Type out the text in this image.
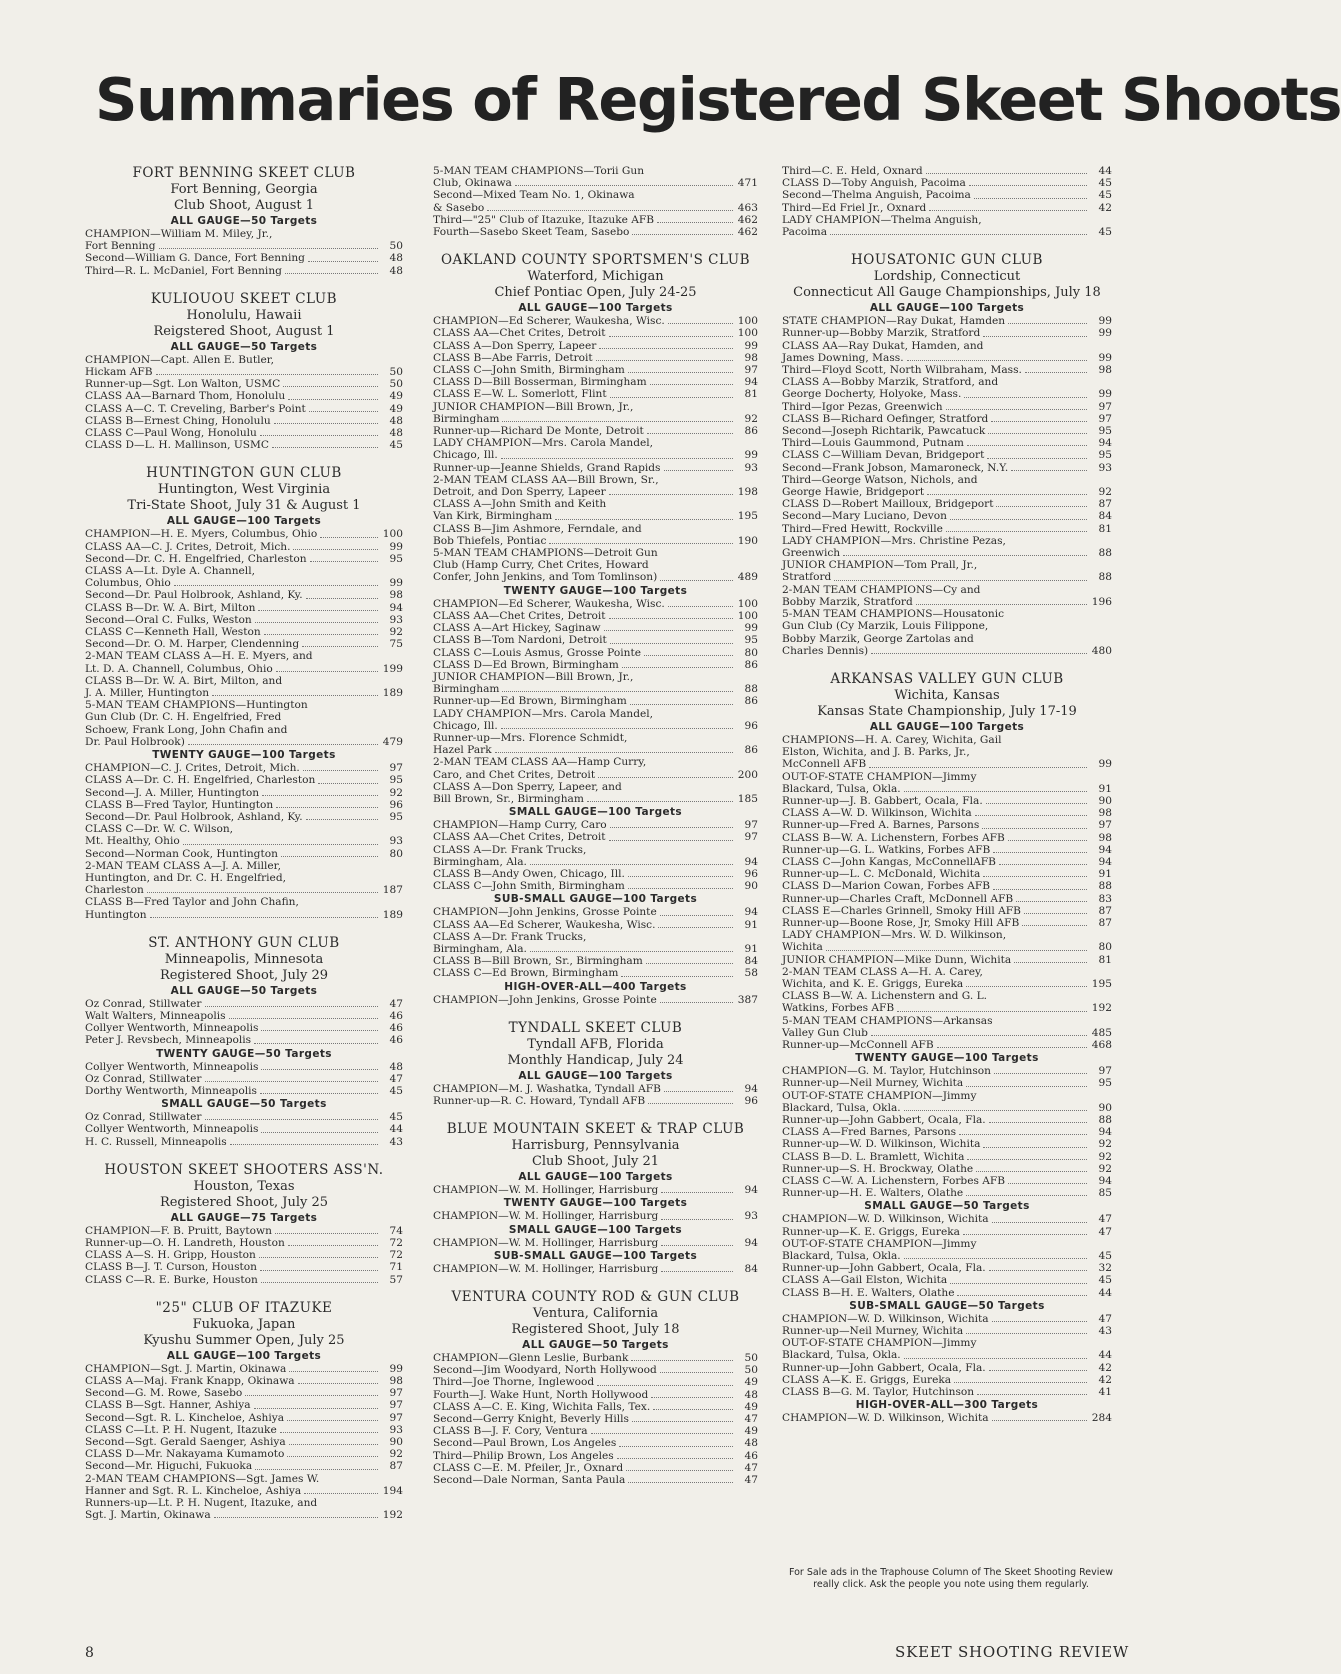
Summaries of Registered Skeet Shoots
FORT BENNING SKEET CLUB
Fort Benning, Georgia
Club Shoot, August 1
ALL GAUGE—50 Targets
CHAMPION—William M. Miley, Jr.,
Fort Benning	50
Second—William G. Dance, Fort Benning	48
Third—R. L. McDaniel, Fort Benning	48
KULIOUOU SKEET CLUB
Honolulu, Hawaii
Reigstered Shoot, August 1
ALL GAUGE—50 Targets
CHAMPION—Capt. Allen E. Butler,
Hickam AFB	50
Runner-up—Sgt. Lon Walton, USMC	50
CLASS AA—Barnard Thom, Honolulu	49
CLASS A—C. T. Creveling, Barber's Point	49
CLASS B—Ernest Ching, Honolulu	48
CLASS C—Paul Wong, Honolulu	48
CLASS D—L. H. Mallinson, USMC	45
HUNTINGTON GUN CLUB
Huntington, West Virginia
Tri-State Shoot, July 31 & August 1
ALL GAUGE—100 Targets
CHAMPION—H. E. Myers, Columbus, Ohio	100
CLASS AA—C. J. Crites, Detroit, Mich.	99
Second—Dr. C. H. Engelfried, Charleston	95
CLASS A—Lt. Dyle A. Channell,
Columbus, Ohio	99
Second—Dr. Paul Holbrook, Ashland, Ky.	98
CLASS B—Dr. W. A. Birt, Milton	94
Second—Oral C. Fulks, Weston	93
CLASS C—Kenneth Hall, Weston	92
Second—Dr. O. M. Harper, Clendenning	75
2-MAN TEAM CLASS A—H. E. Myers, and
Lt. D. A. Channell, Columbus, Ohio	199
CLASS B—Dr. W. A. Birt, Milton, and
J. A. Miller, Huntington	189
5-MAN TEAM CHAMPIONS—Huntington
Gun Club (Dr. C. H. Engelfried, Fred
Schoew, Frank Long, John Chafin and
Dr. Paul Holbrook)	479
TWENTY GAUGE—100 Targets
CHAMPION—C. J. Crites, Detroit, Mich.	97
CLASS A—Dr. C. H. Engelfried, Charleston	95
Second—J. A. Miller, Huntington	92
CLASS B—Fred Taylor, Huntington	96
Second—Dr. Paul Holbrook, Ashland, Ky.	95
CLASS C—Dr. W. C. Wilson,
Mt. Healthy, Ohio	93
Second—Norman Cook, Huntington	80
2-MAN TEAM CLASS A—J. A. Miller,
Huntington, and Dr. C. H. Engelfried,
Charleston	187
CLASS B—Fred Taylor and John Chafin,
Huntington	189
ST. ANTHONY GUN CLUB
Minneapolis, Minnesota
Registered Shoot, July 29
ALL GAUGE—50 Targets
Oz Conrad, Stillwater	47
Walt Walters, Minneapolis	46
Collyer Wentworth, Minneapolis	46
Peter J. Revsbech, Minneapolis	46
TWENTY GAUGE—50 Targets
Collyer Wentworth, Minneapolis	48
Oz Conrad, Stillwater	47
Dorthy Wentworth, Minneapolis	45
SMALL GAUGE—50 Targets
Oz Conrad, Stillwater	45
Collyer Wentworth, Minneapolis	44
H. C. Russell, Minneapolis	43
HOUSTON SKEET SHOOTERS ASS'N.
Houston, Texas
Registered Shoot, July 25
ALL GAUGE—75 Targets
CHAMPION—F. B. Pruitt, Baytown	74
Runner-up—O. H. Landreth, Houston	72
CLASS A—S. H. Gripp, Houston	72
CLASS B—J. T. Curson, Houston	71
CLASS C—R. E. Burke, Houston	57
"25" CLUB OF ITAZUKE
Fukuoka, Japan
Kyushu Summer Open, July 25
ALL GAUGE—100 Targets
CHAMPION—Sgt. J. Martin, Okinawa	99
CLASS A—Maj. Frank Knapp, Okinawa	98
Second—G. M. Rowe, Sasebo	97
CLASS B—Sgt. Hanner, Ashiya	97
Second—Sgt. R. L. Kincheloe, Ashiya	97
CLASS C—Lt. P. H. Nugent, Itazuke	93
Second—Sgt. Gerald Saenger, Ashiya	90
CLASS D—Mr. Nakayama Kumamoto	92
Second—Mr. Higuchi, Fukuoka	87
2-MAN TEAM CHAMPIONS—Sgt. James W.
Hanner and Sgt. R. L. Kincheloe, Ashiya	194
Runners-up—Lt. P. H. Nugent, Itazuke, and
Sgt. J. Martin, Okinawa	192
5-MAN TEAM CHAMPIONS—Torii Gun
Club, Okinawa	471
Second—Mixed Team No. 1, Okinawa
& Sasebo	463
Third—"25" Club of Itazuke, Itazuke AFB	462
Fourth—Sasebo Skeet Team, Sasebo	462
OAKLAND COUNTY SPORTSMEN'S CLUB
Waterford, Michigan
Chief Pontiac Open, July 24-25
ALL GAUGE—100 Targets
CHAMPION—Ed Scherer, Waukesha, Wisc.	100
CLASS AA—Chet Crites, Detroit	100
CLASS A—Don Sperry, Lapeer	99
CLASS B—Abe Farris, Detroit	98
CLASS C—John Smith, Birmingham	97
CLASS D—Bill Bosserman, Birmingham	94
CLASS E—W. L. Somerlott, Flint	81
JUNIOR CHAMPION—Bill Brown, Jr.,
Birmingham	92
Runner-up—Richard De Monte, Detroit	86
LADY CHAMPION—Mrs. Carola Mandel,
Chicago, Ill.	99
Runner-up—Jeanne Shields, Grand Rapids	93
2-MAN TEAM CLASS AA—Bill Brown, Sr.,
Detroit, and Don Sperry, Lapeer	198
CLASS A—John Smith and Keith
Van Kirk, Birmingham	195
CLASS B—Jim Ashmore, Ferndale, and
Bob Thiefels, Pontiac	190
5-MAN TEAM CHAMPIONS—Detroit Gun
Club (Hamp Curry, Chet Crites, Howard
Confer, John Jenkins, and Tom Tomlinson)	489
TWENTY GAUGE—100 Targets
CHAMPION—Ed Scherer, Waukesha, Wisc.	100
CLASS AA—Chet Crites, Detroit	100
CLASS A—Art Hickey, Saginaw	99
CLASS B—Tom Nardoni, Detroit	95
CLASS C—Louis Asmus, Grosse Pointe	80
CLASS D—Ed Brown, Birmingham	86
JUNIOR CHAMPION—Bill Brown, Jr.,
Birmingham	88
Runner-up—Ed Brown, Birmingham	86
LADY CHAMPION—Mrs. Carola Mandel,
Chicago, Ill.	96
Runner-up—Mrs. Florence Schmidt,
Hazel Park	86
2-MAN TEAM CLASS AA—Hamp Curry,
Caro, and Chet Crites, Detroit	200
CLASS A—Don Sperry, Lapeer, and
Bill Brown, Sr., Birmingham	185
SMALL GAUGE—100 Targets
CHAMPION—Hamp Curry, Caro	97
CLASS AA—Chet Crites, Detroit	97
CLASS A—Dr. Frank Trucks,
Birmingham, Ala.	94
CLASS B—Andy Owen, Chicago, Ill.	96
CLASS C—John Smith, Birmingham	90
SUB-SMALL GAUGE—100 Targets
CHAMPION—John Jenkins, Grosse Pointe	94
CLASS AA—Ed Scherer, Waukesha, Wisc.	91
CLASS A—Dr. Frank Trucks,
Birmingham, Ala.	91
CLASS B—Bill Brown, Sr., Birmingham	84
CLASS C—Ed Brown, Birmingham	58
HIGH-OVER-ALL—400 Targets
CHAMPION—John Jenkins, Grosse Pointe	387
TYNDALL SKEET CLUB
Tyndall AFB, Florida
Monthly Handicap, July 24
ALL GAUGE—100 Targets
CHAMPION—M. J. Washatka, Tyndall AFB	94
Runner-up—R. C. Howard, Tyndall AFB	96
BLUE MOUNTAIN SKEET & TRAP CLUB
Harrisburg, Pennsylvania
Club Shoot, July 21
ALL GAUGE—100 Targets
CHAMPION—W. M. Hollinger, Harrisburg	94
TWENTY GAUGE—100 Targets
CHAMPION—W. M. Hollinger, Harrisburg	93
SMALL GAUGE—100 Targets
CHAMPION—W. M. Hollinger, Harrisburg	94
SUB-SMALL GAUGE—100 Targets
CHAMPION—W. M. Hollinger, Harrisburg	84
VENTURA COUNTY ROD & GUN CLUB
Ventura, California
Registered Shoot, July 18
ALL GAUGE—50 Targets
CHAMPION—Glenn Leslie, Burbank	50
Second—Jim Woodyard, North Hollywood	50
Third—Joe Thorne, Inglewood	49
Fourth—J. Wake Hunt, North Hollywood	48
CLASS A—C. E. King, Wichita Falls, Tex.	49
Second—Gerry Knight, Beverly Hills	47
CLASS B—J. F. Cory, Ventura	49
Second—Paul Brown, Los Angeles	48
Third—Philip Brown, Los Angeles	46
CLASS C—E. M. Pfeiler, Jr., Oxnard	47
Second—Dale Norman, Santa Paula	47
Third—C. E. Held, Oxnard	44
CLASS D—Toby Anguish, Pacoima	45
Second—Thelma Anguish, Pacoima	45
Third—Ed Friel Jr., Oxnard	42
LADY CHAMPION—Thelma Anguish,
Pacoima	45
HOUSATONIC GUN CLUB
Lordship, Connecticut
Connecticut All Gauge Championships, July 18
ALL GAUGE—100 Targets
STATE CHAMPION—Ray Dukat, Hamden	99
Runner-up—Bobby Marzik, Stratford	99
CLASS AA—Ray Dukat, Hamden, and
James Downing, Mass.	99
Third—Floyd Scott, North Wilbraham, Mass.	98
CLASS A—Bobby Marzik, Stratford, and
George Docherty, Holyoke, Mass.	99
Third—Igor Pezas, Greenwich	97
CLASS B—Richard Oefinger, Stratford	97
Second—Joseph Richtarik, Pawcatuck	95
Third—Louis Gaummond, Putnam	94
CLASS C—William Devan, Bridgeport	95
Second—Frank Jobson, Mamaroneck, N.Y.	93
Third—George Watson, Nichols, and
George Hawie, Bridgeport	92
CLASS D—Robert Mailloux, Bridgeport	87
Second—Mary Luciano, Devon	84
Third—Fred Hewitt, Rockville	81
LADY CHAMPION—Mrs. Christine Pezas,
Greenwich	88
JUNIOR CHAMPION—Tom Prall, Jr.,
Stratford	88
2-MAN TEAM CHAMPIONS—Cy and
Bobby Marzik, Stratford	196
5-MAN TEAM CHAMPIONS—Housatonic
Gun Club (Cy Marzik, Louis Filippone,
Bobby Marzik, George Zartolas and
Charles Dennis)	480
ARKANSAS VALLEY GUN CLUB
Wichita, Kansas
Kansas State Championship, July 17-19
ALL GAUGE—100 Targets
CHAMPIONS—H. A. Carey, Wichita, Gail
Elston, Wichita, and J. B. Parks, Jr.,
McConnell AFB	99
OUT-OF-STATE CHAMPION—Jimmy
Blackard, Tulsa, Okla.	91
Runner-up—J. B. Gabbert, Ocala, Fla.	90
CLASS A—W. D. Wilkinson, Wichita	98
Runner-up—Fred A. Barnes, Parsons	97
CLASS B—W. A. Lichenstern, Forbes AFB	98
Runner-up—G. L. Watkins, Forbes AFB	94
CLASS C—John Kangas, McConnellAFB	94
Runner-up—L. C. McDonald, Wichita	91
CLASS D—Marion Cowan, Forbes AFB	88
Runner-up—Charles Craft, McDonnell AFB	83
CLASS E—Charles Grinnell, Smoky Hill AFB	87
Runner-up—Boone Rose, Jr, Smoky Hill AFB	87
LADY CHAMPION—Mrs. W. D. Wilkinson,
Wichita	80
JUNIOR CHAMPION—Mike Dunn, Wichita	81
2-MAN TEAM CLASS A—H. A. Carey,
Wichita, and K. E. Griggs, Eureka	195
CLASS B—W. A. Lichenstern and G. L.
Watkins, Forbes AFB	192
5-MAN TEAM CHAMPIONS—Arkansas
Valley Gun Club	485
Runner-up—McConnell AFB	468
TWENTY GAUGE—100 Targets
CHAMPION—G. M. Taylor, Hutchinson	97
Runner-up—Neil Murney, Wichita	95
OUT-OF-STATE CHAMPION—Jimmy
Blackard, Tulsa, Okla.	90
Runner-up—John Gabbert, Ocala, Fla.	88
CLASS A—Fred Barnes, Parsons	94
Runner-up—W. D. Wilkinson, Wichita	92
CLASS B—D. L. Bramlett, Wichita	92
Runner-up—S. H. Brockway, Olathe	92
CLASS C—W. A. Lichenstern, Forbes AFB	94
Runner-up—H. E. Walters, Olathe	85
SMALL GAUGE—50 Targets
CHAMPION—W. D. Wilkinson, Wichita	47
Runner-up—K. E. Griggs, Eureka	47
OUT-OF-STATE CHAMPION—Jimmy
Blackard, Tulsa, Okla.	45
Runner-up—John Gabbert, Ocala, Fla.	32
CLASS A—Gail Elston, Wichita	45
CLASS B—H. E. Walters, Olathe	44
SUB-SMALL GAUGE—50 Targets
CHAMPION—W. D. Wilkinson, Wichita	47
Runner-up—Neil Murney, Wichita	43
OUT-OF-STATE CHAMPION—Jimmy
Blackard, Tulsa, Okla.	44
Runner-up—John Gabbert, Ocala, Fla.	42
CLASS A—K. E. Griggs, Eureka	42
CLASS B—G. M. Taylor, Hutchinson	41
HIGH-OVER-ALL—300 Targets
CHAMPION—W. D. Wilkinson, Wichita	284
For Sale ads in the Traphouse Column of The Skeet Shooting Review really click. Ask the people you note using them regularly.
8	SKEET SHOOTING REVIEW
